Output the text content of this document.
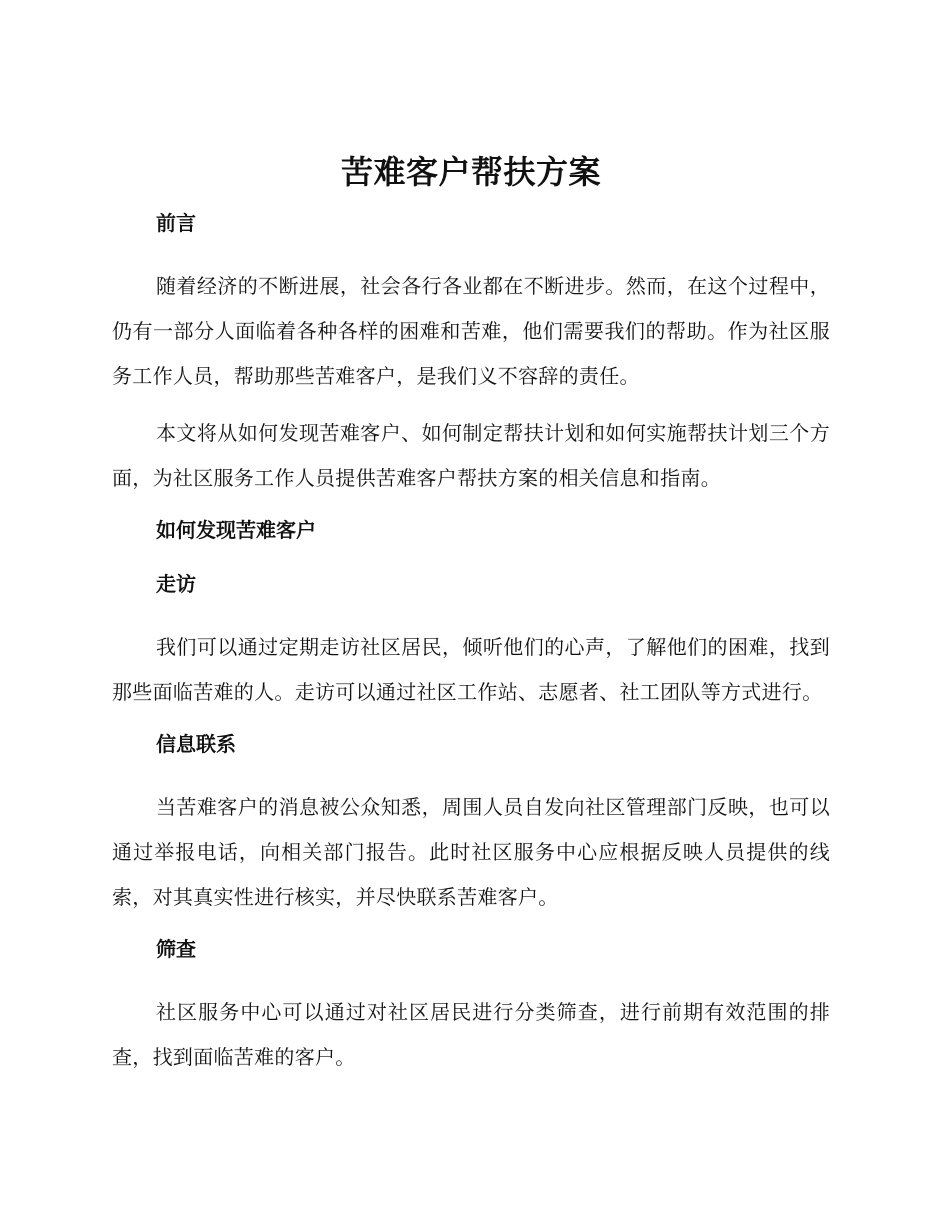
苦难客户帮扶方案
前言

随着经济的不断进展，社会各行各业都在不断进步。然而，在这个过程中，仍有一部分人面临着各种各样的困难和苦难，他们需要我们的帮助。作为社区服务工作人员，帮助那些苦难客户，是我们义不容辞的责任。

本文将从如何发现苦难客户、如何制定帮扶计划和如何实施帮扶计划三个方面，为社区服务工作人员提供苦难客户帮扶方案的相关信息和指南。

如何发现苦难客户
走访

我们可以通过定期走访社区居民，倾听他们的心声，了解他们的困难，找到那些面临苦难的人。走访可以通过社区工作站、志愿者、社工团队等方式进行。

信息联系

当苦难客户的消息被公众知悉，周围人员自发向社区管理部门反映，也可以通过举报电话，向相关部门报告。此时社区服务中心应根据反映人员提供的线索，对其真实性进行核实，并尽快联系苦难客户。

筛查

社区服务中心可以通过对社区居民进行分类筛查，进行前期有效范围的排查，找到面临苦难的客户。
